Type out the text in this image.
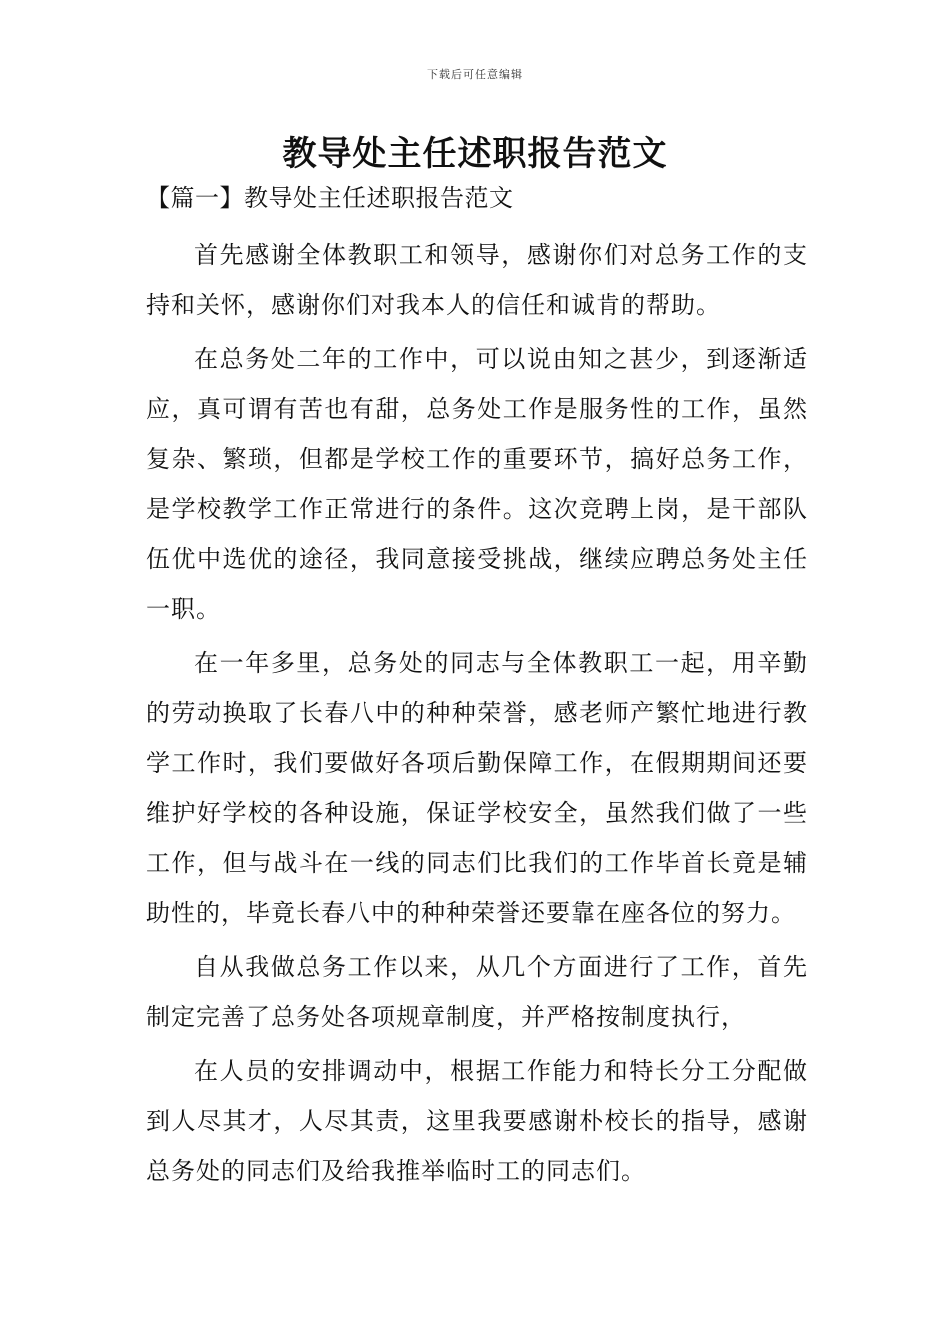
下载后可任意编辑
教导处主任述职报告范文

【篇一】教导处主任述职报告范文

首先感谢全体教职工和领导，感谢你们对总务工作的支持和关怀，感谢你们对我本人的信任和诚肯的帮助。

在总务处二年的工作中，可以说由知之甚少，到逐渐适应，真可谓有苦也有甜，总务处工作是服务性的工作，虽然复杂、繁琐，但都是学校工作的重要环节，搞好总务工作，是学校教学工作正常进行的条件。这次竞聘上岗，是干部队伍优中选优的途径，我同意接受挑战，继续应聘总务处主任一职。

在一年多里，总务处的同志与全体教职工一起，用辛勤的劳动换取了长春八中的种种荣誉，感老师产繁忙地进行教学工作时，我们要做好各项后勤保障工作，在假期期间还要维护好学校的各种设施，保证学校安全，虽然我们做了一些工作，但与战斗在一线的同志们比我们的工作毕首长竟是辅助性的，毕竟长春八中的种种荣誉还要靠在座各位的努力。

自从我做总务工作以来，从几个方面进行了工作，首先制定完善了总务处各项规章制度，并严格按制度执行，

在人员的安排调动中，根据工作能力和特长分工分配做到人尽其才，人尽其责，这里我要感谢朴校长的指导，感谢总务处的同志们及给我推举临时工的同志们。
